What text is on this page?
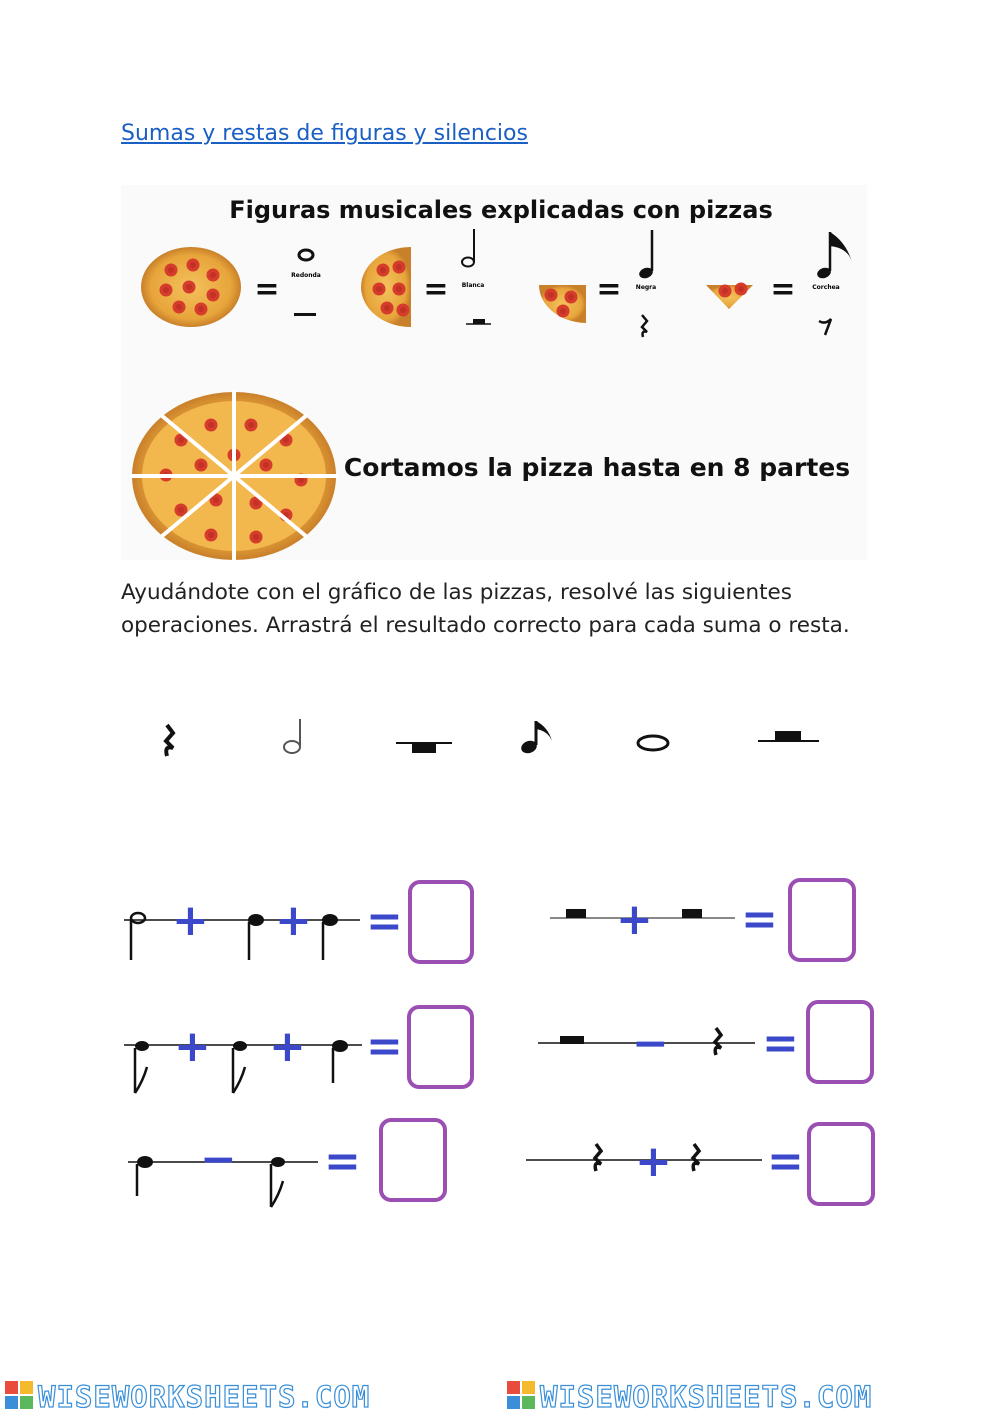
Sumas y restas de figuras y silencios
Figuras musicales explicadas con pizzas
= Redonda	= Blanca	= Negra	=	Corchea
Cortamos la pizza hasta en 8 partes
Ayudándote con el gráfico de las pizzas, resolvé las siguientes operaciones. Arrastrá el resultado correcto para cada suma o resta.
+ + =	+ =
+ + =	− =
− =	+ =
WISEWORKSHEETS.COM	WISEWORKSHEETS.COM
